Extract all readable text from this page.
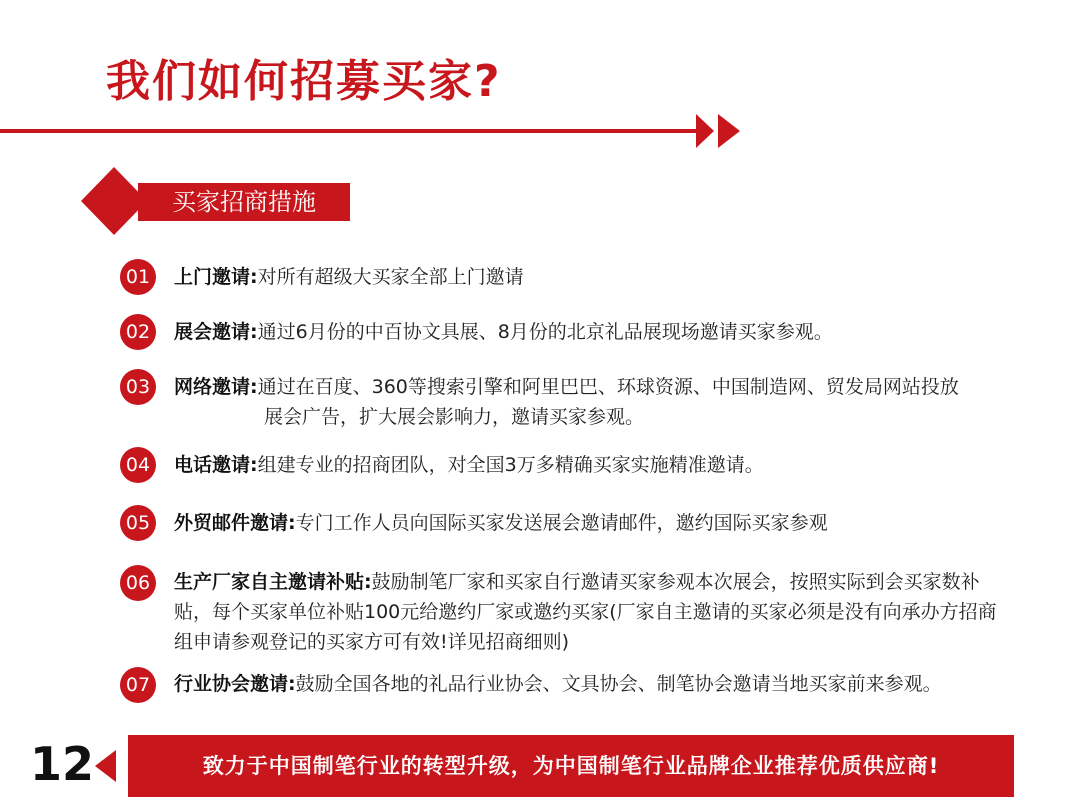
我们如何招募买家?
买家招商措施
01	上门邀请:对所有超级大买家全部上门邀请
02	展会邀请:通过6月份的中百协文具展、8月份的北京礼品展现场邀请买家参观。
03	网络邀请:通过在百度、360等搜索引擎和阿里巴巴、环球资源、中国制造网、贸发局网站投放
展会广告，扩大展会影响力，邀请买家参观。
04	电话邀请:组建专业的招商团队，对全国3万多精确买家实施精准邀请。
05	外贸邮件邀请:专门工作人员向国际买家发送展会邀请邮件，邀约国际买家参观
06	生产厂家自主邀请补贴:鼓励制笔厂家和买家自行邀请买家参观本次展会，按照实际到会买家数补贴，每个买家单位补贴100元给邀约厂家或邀约买家(厂家自主邀请的买家必须是没有向承办方招商组申请参观登记的买家方可有效!详见招商细则)
07	行业协会邀请:鼓励全国各地的礼品行业协会、文具协会、制笔协会邀请当地买家前来参观。
12	致力于中国制笔行业的转型升级，为中国制笔行业品牌企业推荐优质供应商!
